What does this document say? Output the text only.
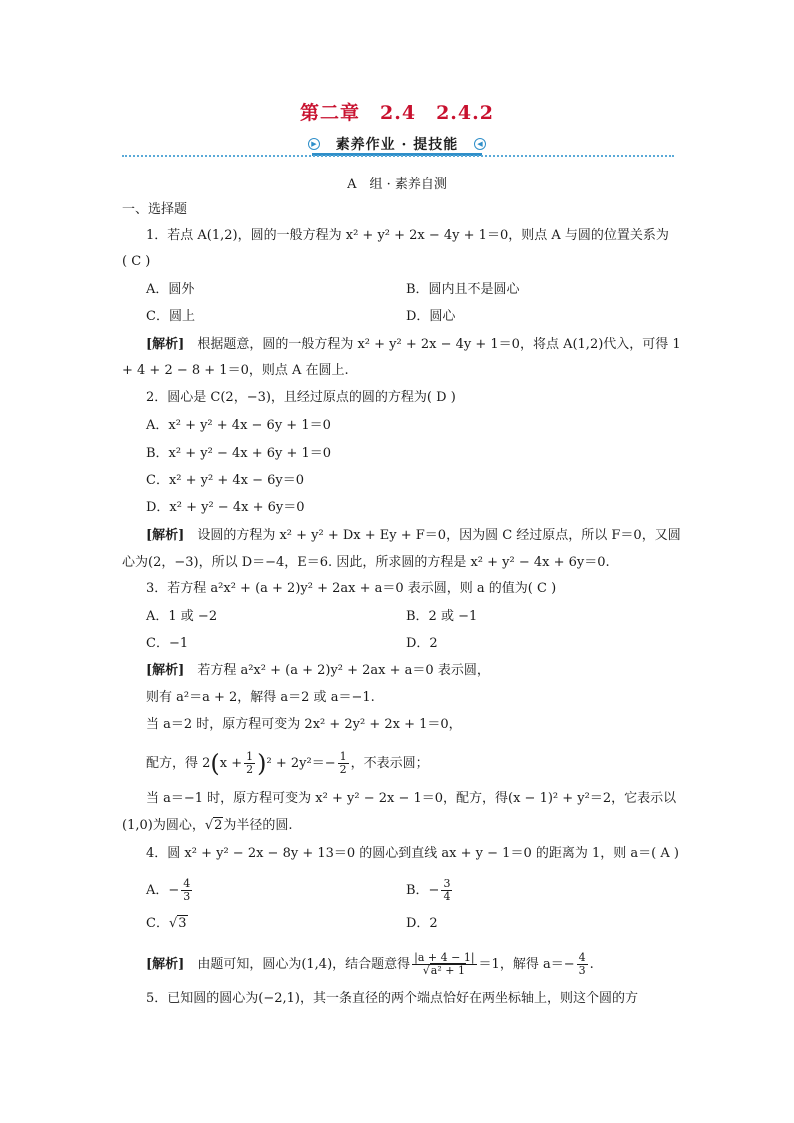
第二章　2.4　2.4.2
▶	素养作业 · 提技能	◀
A　组 · 素养自测
一、选择题
1．若点 A(1,2)，圆的一般方程为 x² + y² + 2x − 4y + 1＝0，则点 A 与圆的位置关系为
( C )
A．圆外	B．圆内且不是圆心
C．圆上	D．圆心
[解析]　 根据题意，圆的一般方程为 x² + y² + 2x − 4y + 1＝0，将点 A(1,2)代入，可得 1
+ 4 + 2 − 8 + 1＝0，则点 A 在圆上.
2．圆心是 C(2，−3)，且经过原点的圆的方程为( D )
A．x² + y² + 4x − 6y + 1＝0
B．x² + y² − 4x + 6y + 1＝0
C．x² + y² + 4x − 6y＝0
D．x² + y² − 4x + 6y＝0
[解析]　 设圆的方程为 x² + y² + Dx + Ey + F＝0，因为圆 C 经过原点，所以 F＝0，又圆
心为(2，−3)，所以 D＝−4，E＝6. 因此，所求圆的方程是 x² + y² − 4x + 6y＝0.
3．若方程 a²x² + (a + 2)y² + 2ax + a＝0 表示圆，则 a 的值为( C )
A．1 或 −2	B．2 或 −1
C．−1	D．2
[解析]　 若方程 a²x² + (a + 2)y² + 2ax + a＝0 表示圆，
则有 a²＝a + 2，解得 a＝2 或 a＝−1.
当 a＝2 时，原方程可变为 2x² + 2y² + 2x + 1＝0，
配方，得 $2(x + \frac{1}{2} )^2 + 2y^2=- \frac{1}{2}$ ，不表示圆；
当 a＝−1 时，原方程可变为 x² + y² − 2x − 1＝0，配方，得(x − 1)² + y²＝2，它表示以
(1,0)为圆心，√2为半径的圆.
4．圆 x² + y² − 2x − 8y + 13＝0 的圆心到直线 ax + y − 1＝0 的距离为 1，则 a＝( A )
A．− $\frac{4}{3}$	B．− $\frac{3}{4}$
C．√3	D．2
[解析]　 由题可知，圆心为(1,4)，结合题意得 $\frac{|a + 4 - 1|}{\text{√a² + 1}} =1$，解得 $a=- \frac{4}{3}$ .
5．已知圆的圆心为(−2,1)，其一条直径的两个端点恰好在两坐标轴上，则这个圆的方
